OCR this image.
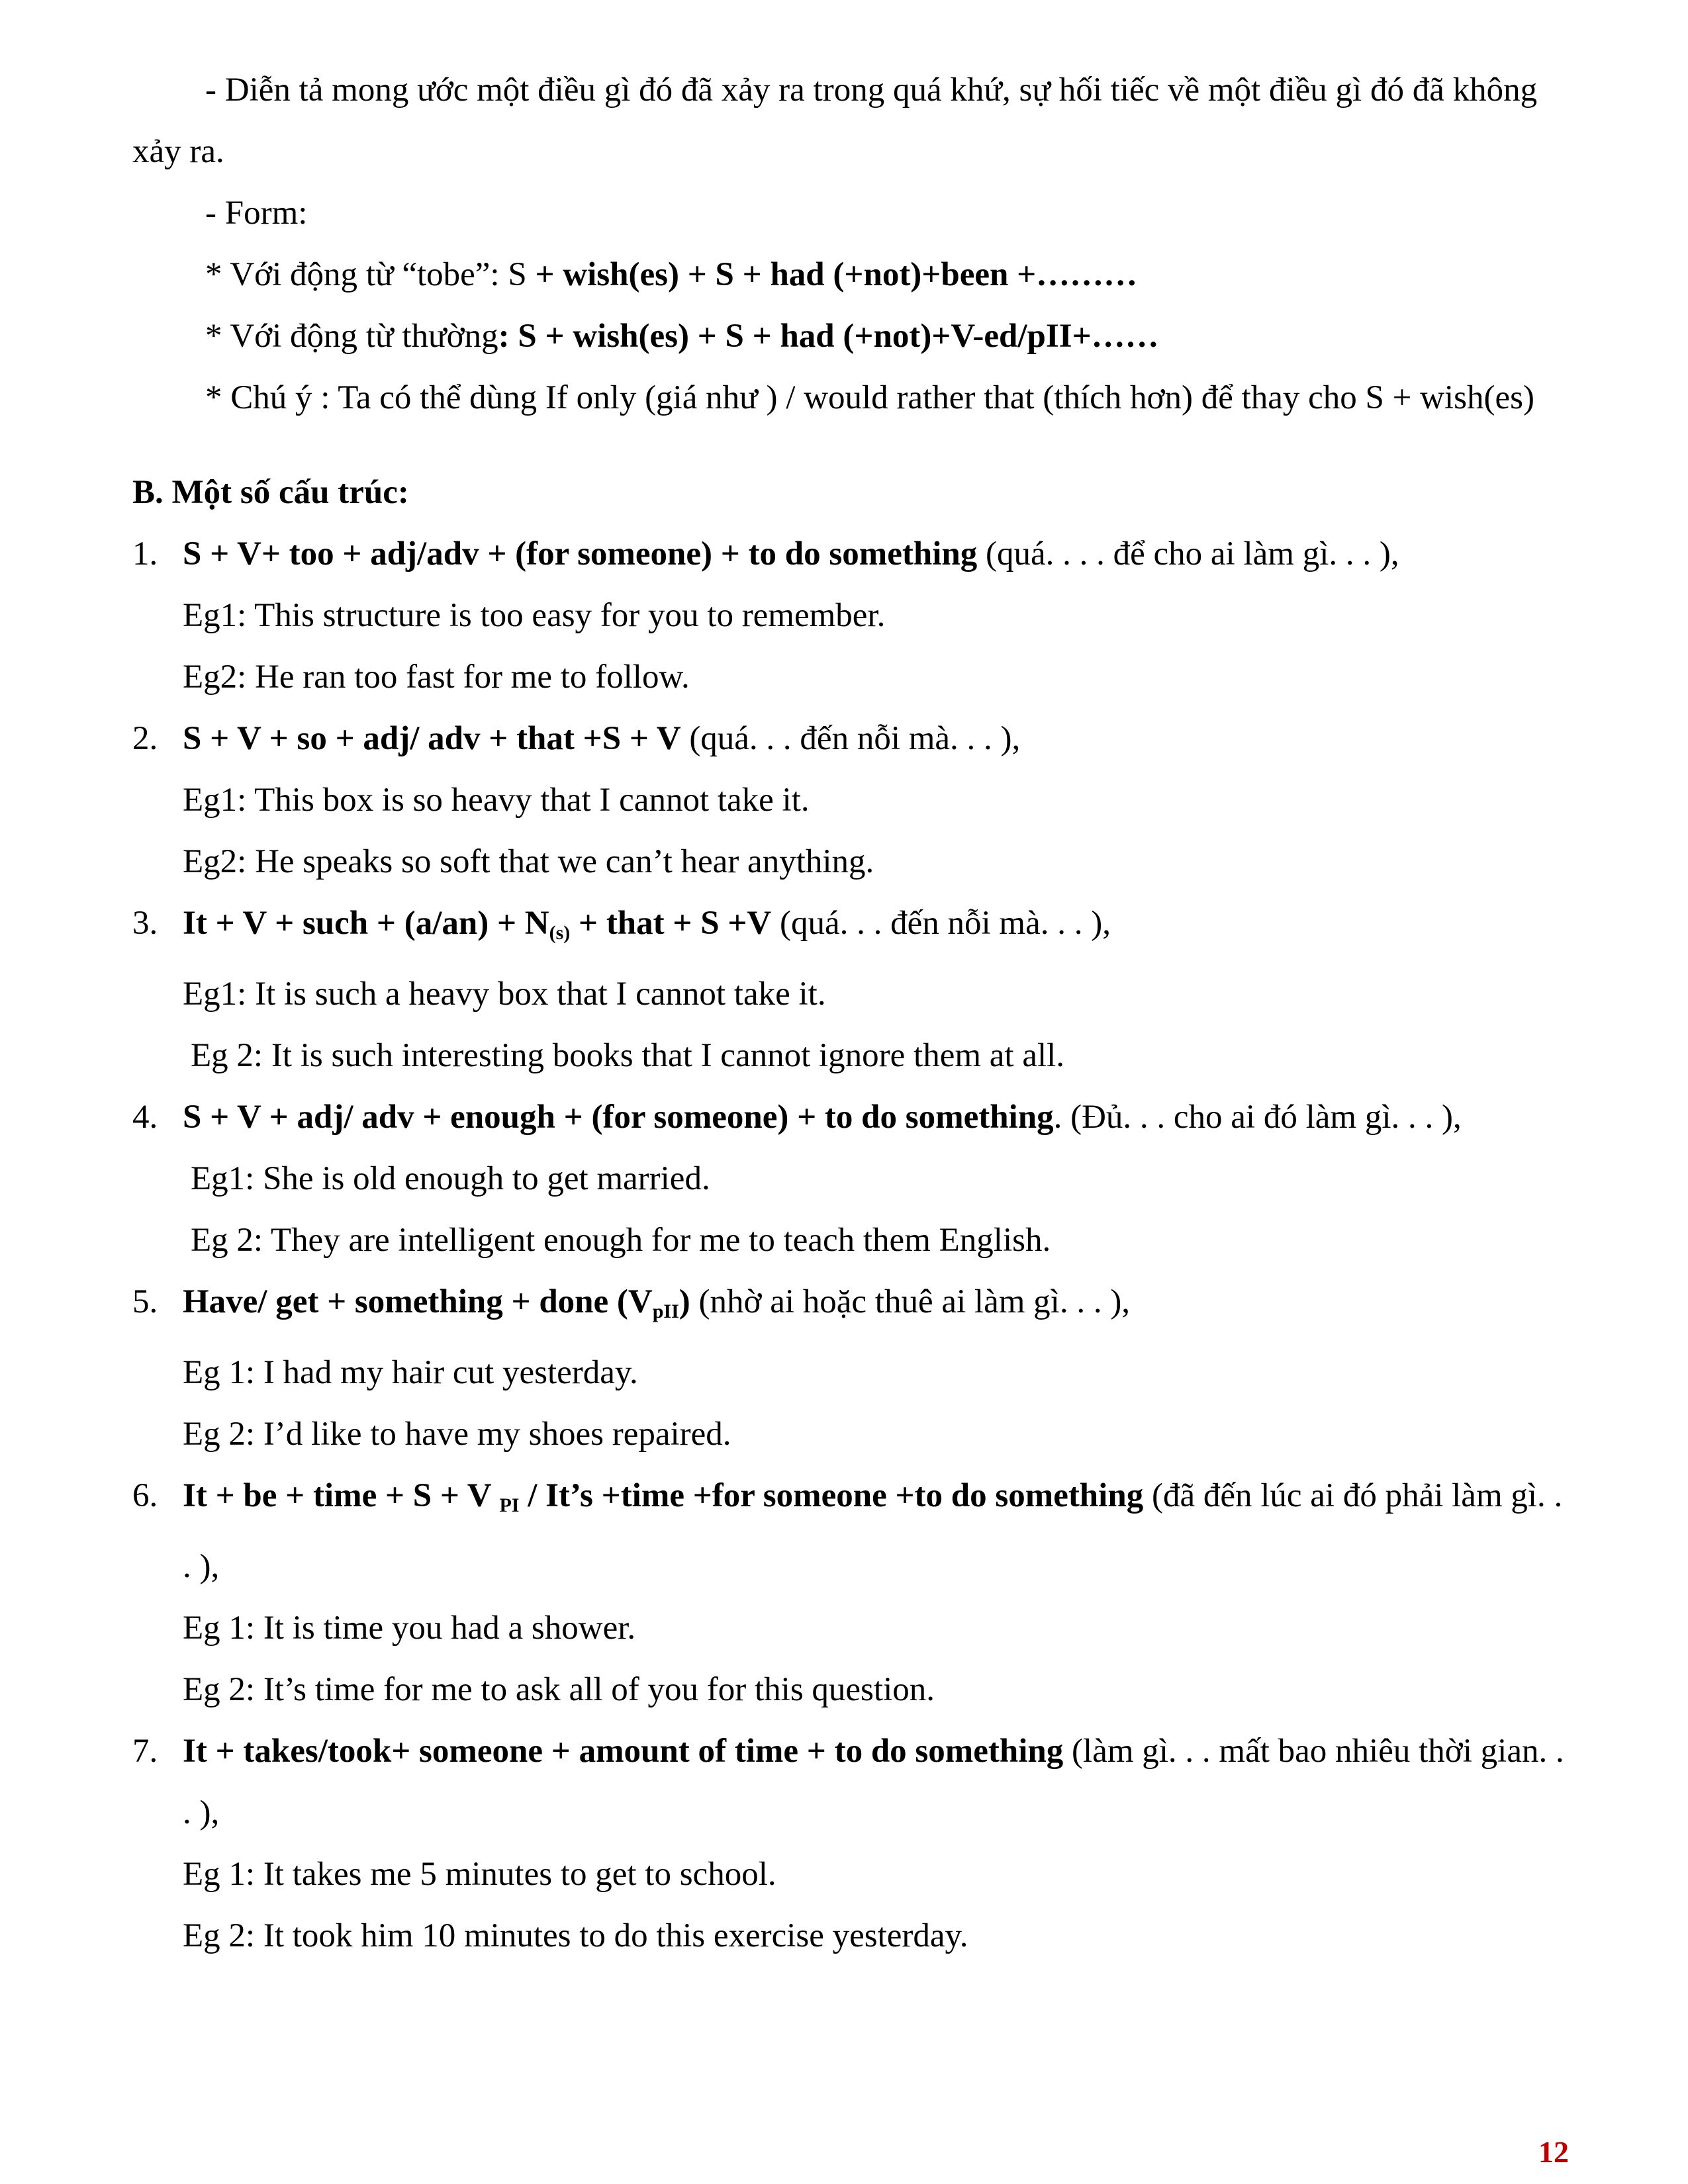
- Diễn tả mong ước một điều gì đó đã xảy ra trong quá khứ, sự hối tiếc về một điều gì đó đã không xảy ra.

- Form:

* Với động từ “tobe”: S + wish(es) + S + had (+not)+been +………

* Với động từ thường: S + wish(es) + S + had (+not)+V-ed/pII+……

* Chú ý : Ta có thể dùng If only (giá như ) / would rather that (thích hơn) để thay cho S + wish(es)

B. Một số cấu trúc:

1. S + V+ too + adj/adv + (for someone) + to do something (quá. . . . để cho ai làm gì. . . ),

Eg1: This structure is too easy for you to remember.

Eg2: He ran too fast for me to follow.

2. S + V + so + adj/ adv + that +S + V (quá. . . đến nỗi mà. . . ),

Eg1: This box is so heavy that I cannot take it.

Eg2: He speaks so soft that we can’t hear anything.

3. It + V + such + $(a/an) + N_{(s)}$ + that + S +V (quá. . . đến nỗi mà. . . ),

Eg1: It is such a heavy box that I cannot take it.

Eg 2: It is such interesting books that I cannot ignore them at all.

4. S + V + adj/ adv + enough + (for someone) + to do something. (Đủ. . . cho ai đó làm gì. . . ),

Eg1: She is old enough to get married.

Eg 2: They are intelligent enough for me to teach them English.

5. Have/ get + something + done $(V_{pII})$ (nhờ ai hoặc thuê ai làm gì. . . ),

Eg 1: I had my hair cut yesterday.

Eg 2: I’d like to have my shoes repaired.

6. It + be + time + S + V $_{PI}$ / It’s +time +for someone +to do something (đã đến lúc ai đó phải làm gì. . . ),

Eg 1: It is time you had a shower.

Eg 2: It’s time for me to ask all of you for this question.

7. It + takes/took+ someone + amount of time + to do something (làm gì. . . mất bao nhiêu thời gian. . . ),

Eg 1: It takes me 5 minutes to get to school.

Eg 2: It took him 10 minutes to do this exercise yesterday.

12
